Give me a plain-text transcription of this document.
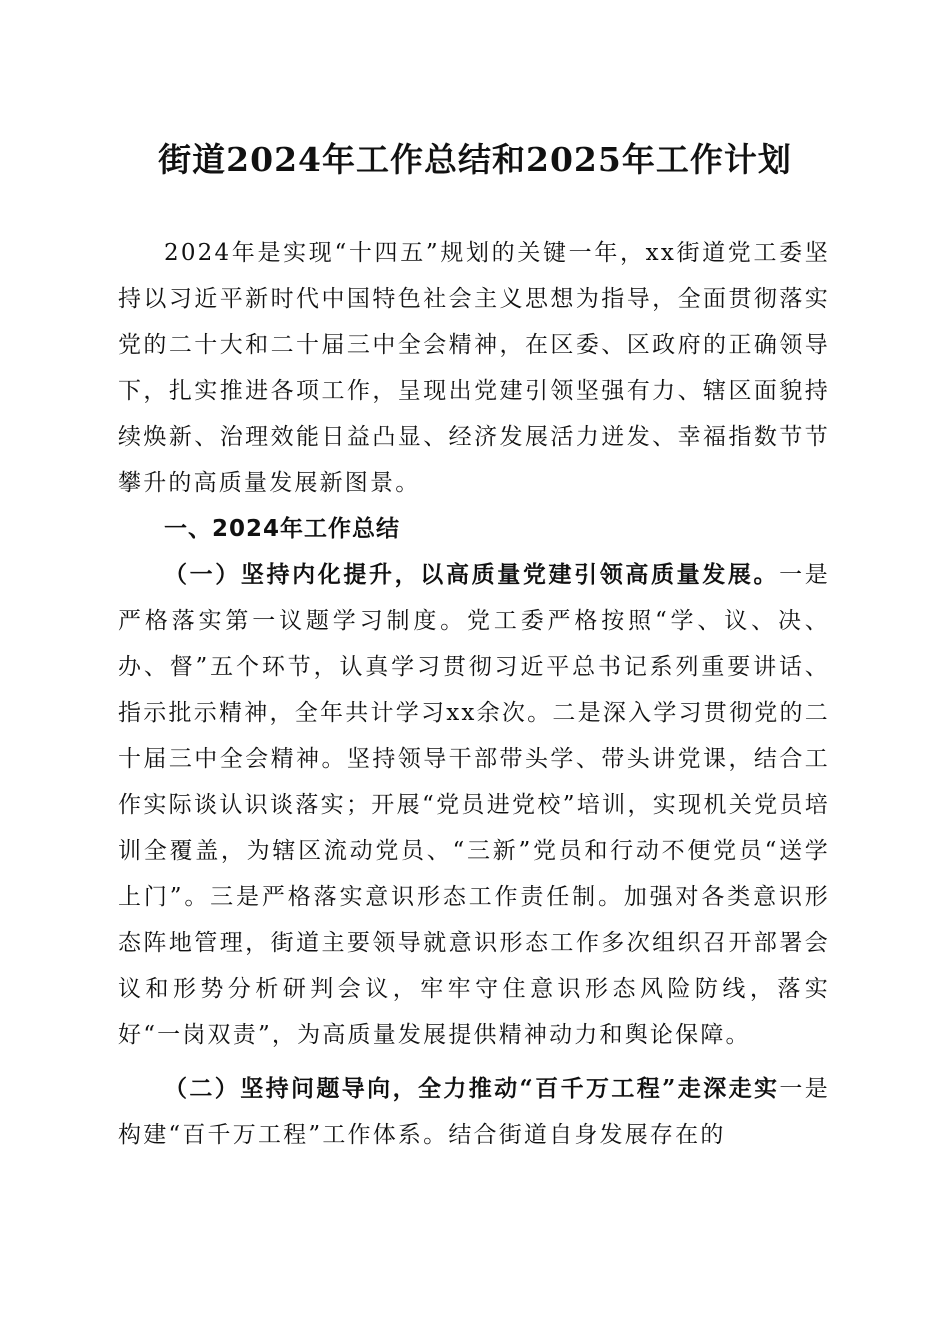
街道2024年工作总结和2025年工作计划

2024年是实现“十四五”规划的关键一年，xx街道党工委坚持以习近平新时代中国特色社会主义思想为指导，全面贯彻落实党的二十大和二十届三中全会精神，在区委、区政府的正确领导下，扎实推进各项工作，呈现出党建引领坚强有力、辖区面貌持续焕新、治理效能日益凸显、经济发展活力迸发、幸福指数节节攀升的高质量发展新图景。

一、2024年工作总结

（一）坚持内化提升，以高质量党建引领高质量发展。一是严格落实第一议题学习制度。党工委严格按照“学、议、决、办、督”五个环节，认真学习贯彻习近平总书记系列重要讲话、指示批示精神，全年共计学习xx余次。二是深入学习贯彻党的二十届三中全会精神。坚持领导干部带头学、带头讲党课，结合工作实际谈认识谈落实；开展“党员进党校”培训，实现机关党员培训全覆盖，为辖区流动党员、“三新”党员和行动不便党员“送学上门”。三是严格落实意识形态工作责任制。加强对各类意识形态阵地管理，街道主要领导就意识形态工作多次组织召开部署会议和形势分析研判会议，牢牢守住意识形态风险防线，落实好“一岗双责”，为高质量发展提供精神动力和舆论保障。

（二）坚持问题导向，全力推动“百千万工程”走深走实一是构建“百千万工程”工作体系。结合街道自身发展存在的
